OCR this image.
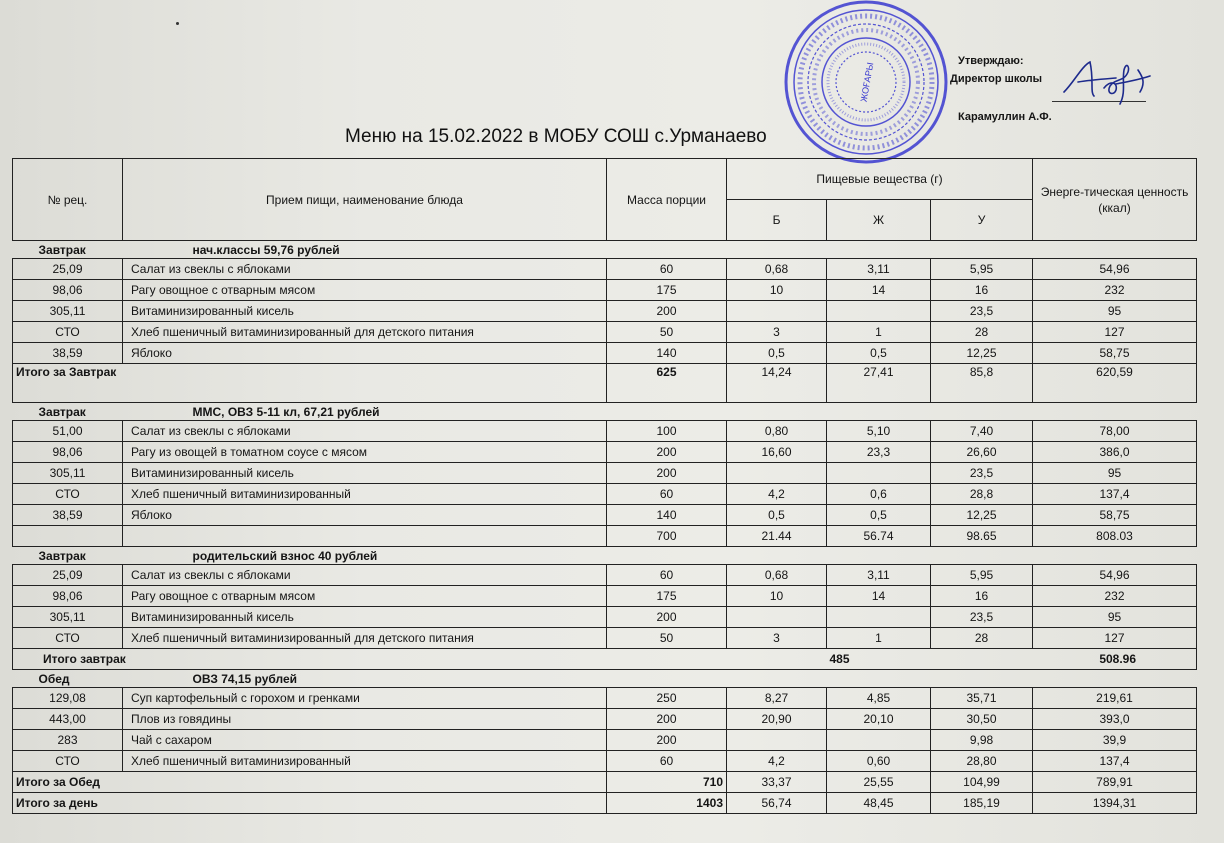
ЖОҒАРЫ
Утверждаю:
Директор школы
Карамуллин А.Ф.
Меню на 15.02.2022 в МОБУ СОШ с.Урманаево
№ рец.	Прием пищи, наименование блюда	Масса порции	Пищевые вещества (г)			Энерге-тическая ценность (ккал)
			Б	Ж	У	
Завтрак	нач.классы 59,76 рублей					
25,09	Салат из свеклы с яблоками	60	0,68	3,11	5,95	54,96
98,06	Рагу овощное с отварным мясом	175	10	14	16	232
305,11	Витаминизированный кисель	200			23,5	95
СТО	Хлеб пшеничный витаминизированный для детского питания	50	3	1	28	127
38,59	Яблоко	140	0,5	0,5	12,25	58,75
Итого за Завтрак		625	14,24	27,41	85,8	620,59
Завтрак	ММС, ОВЗ 5-11 кл, 67,21 рублей					
51,00	Салат из свеклы с яблоками	100	0,80	5,10	7,40	78,00
98,06	Рагу из овощей в томатном соусе с мясом	200	16,60	23,3	26,60	386,0
305,11	Витаминизированный кисель	200			23,5	95
СТО	Хлеб пшеничный витаминизированный	60	4,2	0,6	28,8	137,4
38,59	Яблоко	140	0,5	0,5	12,25	58,75
		700	21.44	56.74	98.65	808.03
Завтрак	родительский взнос 40 рублей					
25,09	Салат из свеклы с яблоками	60	0,68	3,11	5,95	54,96
98,06	Рагу овощное с отварным мясом	175	10	14	16	232
305,11	Витаминизированный кисель	200			23,5	95
СТО	Хлеб пшеничный витаминизированный для детского питания	50	3	1	28	127
Итого завтрак				485		508.96
Обед	ОВЗ 74,15 рублей					
129,08	Суп картофельный с горохом и гренками	250	8,27	4,85	35,71	219,61
443,00	Плов из говядины	200	20,90	20,10	30,50	393,0
283	Чай с сахаром	200			9,98	39,9
СТО	Хлеб пшеничный витаминизированный	60	4,2	0,60	28,80	137,4
Итого за Обед		710	33,37	25,55	104,99	789,91
Итого за день		1403	56,74	48,45	185,19	1394,31
